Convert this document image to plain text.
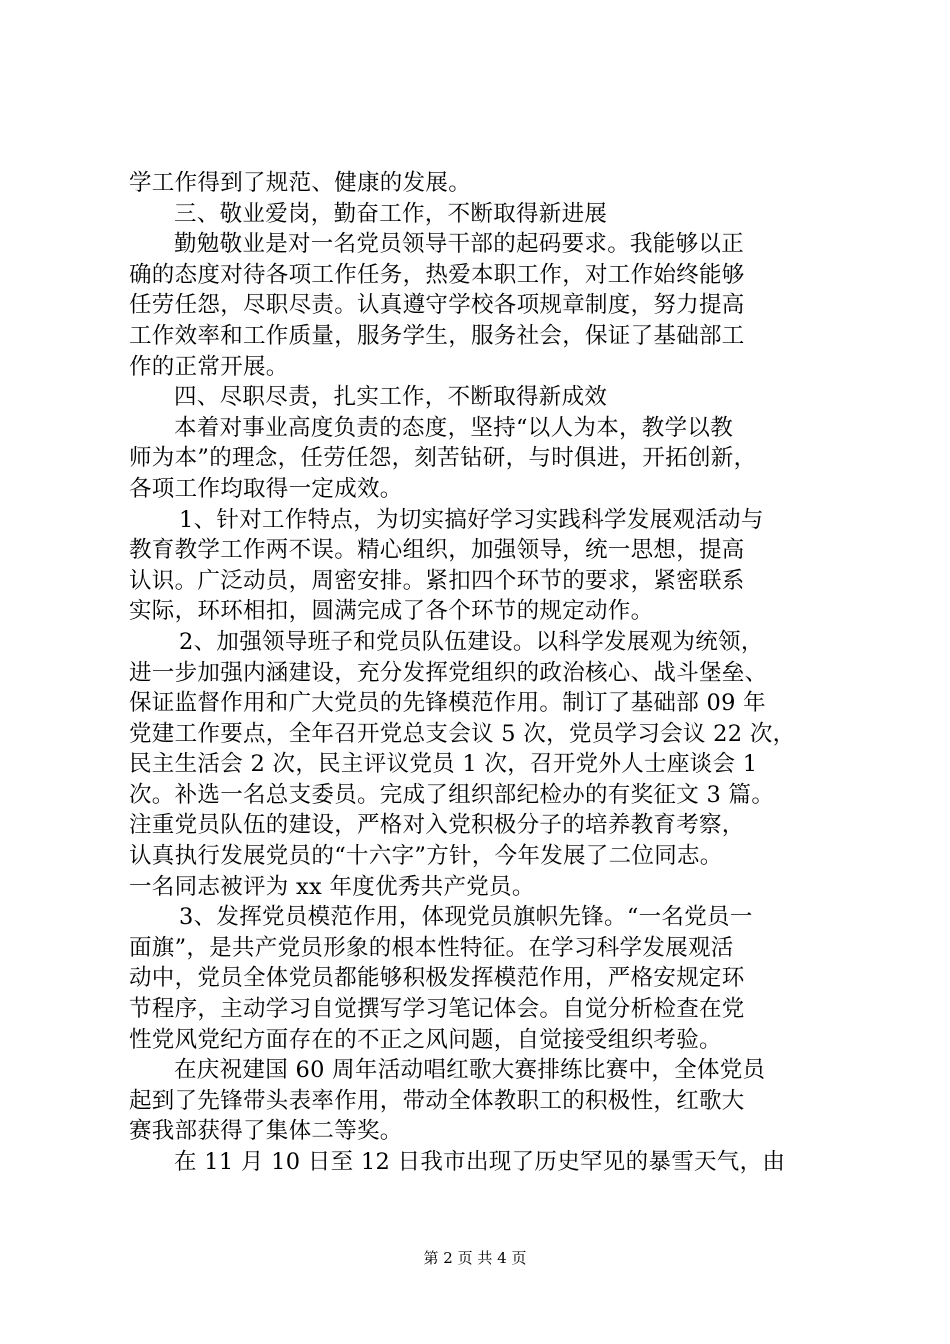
学工作得到了规范、健康的发展。
三、敬业爱岗，勤奋工作，不断取得新进展
勤勉敬业是对一名党员领导干部的起码要求。我能够以正
确的态度对待各项工作任务，热爱本职工作，对工作始终能够
任劳任怨，尽职尽责。认真遵守学校各项规章制度，努力提高
工作效率和工作质量，服务学生，服务社会，保证了基础部工
作的正常开展。
四、尽职尽责，扎实工作，不断取得新成效
本着对事业高度负责的态度，坚持“以人为本，教学以教
师为本”的理念，任劳任怨，刻苦钻研，与时俱进，开拓创新，
各项工作均取得一定成效。
1、针对工作特点，为切实搞好学习实践科学发展观活动与
教育教学工作两不误。精心组织，加强领导，统一思想，提高
认识。广泛动员，周密安排。紧扣四个环节的要求，紧密联系
实际，环环相扣，圆满完成了各个环节的规定动作。
2、加强领导班子和党员队伍建设。以科学发展观为统领，
进一步加强内涵建设，充分发挥党组织的政治核心、战斗堡垒、
保证监督作用和广大党员的先锋模范作用。制订了基础部 09 年
党建工作要点，全年召开党总支会议 5 次，党员学习会议 22 次，
民主生活会 2 次，民主评议党员 1 次，召开党外人士座谈会 1
次。补选一名总支委员。完成了组织部纪检办的有奖征文 3 篇。
注重党员队伍的建设，严格对入党积极分子的培养教育考察，
认真执行发展党员的“十六字”方针，今年发展了二位同志。
一名同志被评为 xx 年度优秀共产党员。
3、发挥党员模范作用，体现党员旗帜先锋。“一名党员一
面旗”，是共产党员形象的根本性特征。在学习科学发展观活
动中，党员全体党员都能够积极发挥模范作用，严格安规定环
节程序，主动学习自觉撰写学习笔记体会。自觉分析检查在党
性党风党纪方面存在的不正之风问题，自觉接受组织考验。
在庆祝建国 60 周年活动唱红歌大赛排练比赛中，全体党员
起到了先锋带头表率作用，带动全体教职工的积极性，红歌大
赛我部获得了集体二等奖。
在 11 月 10 日至 12 日我市出现了历史罕见的暴雪天气，由
第 2 页 共 4 页
